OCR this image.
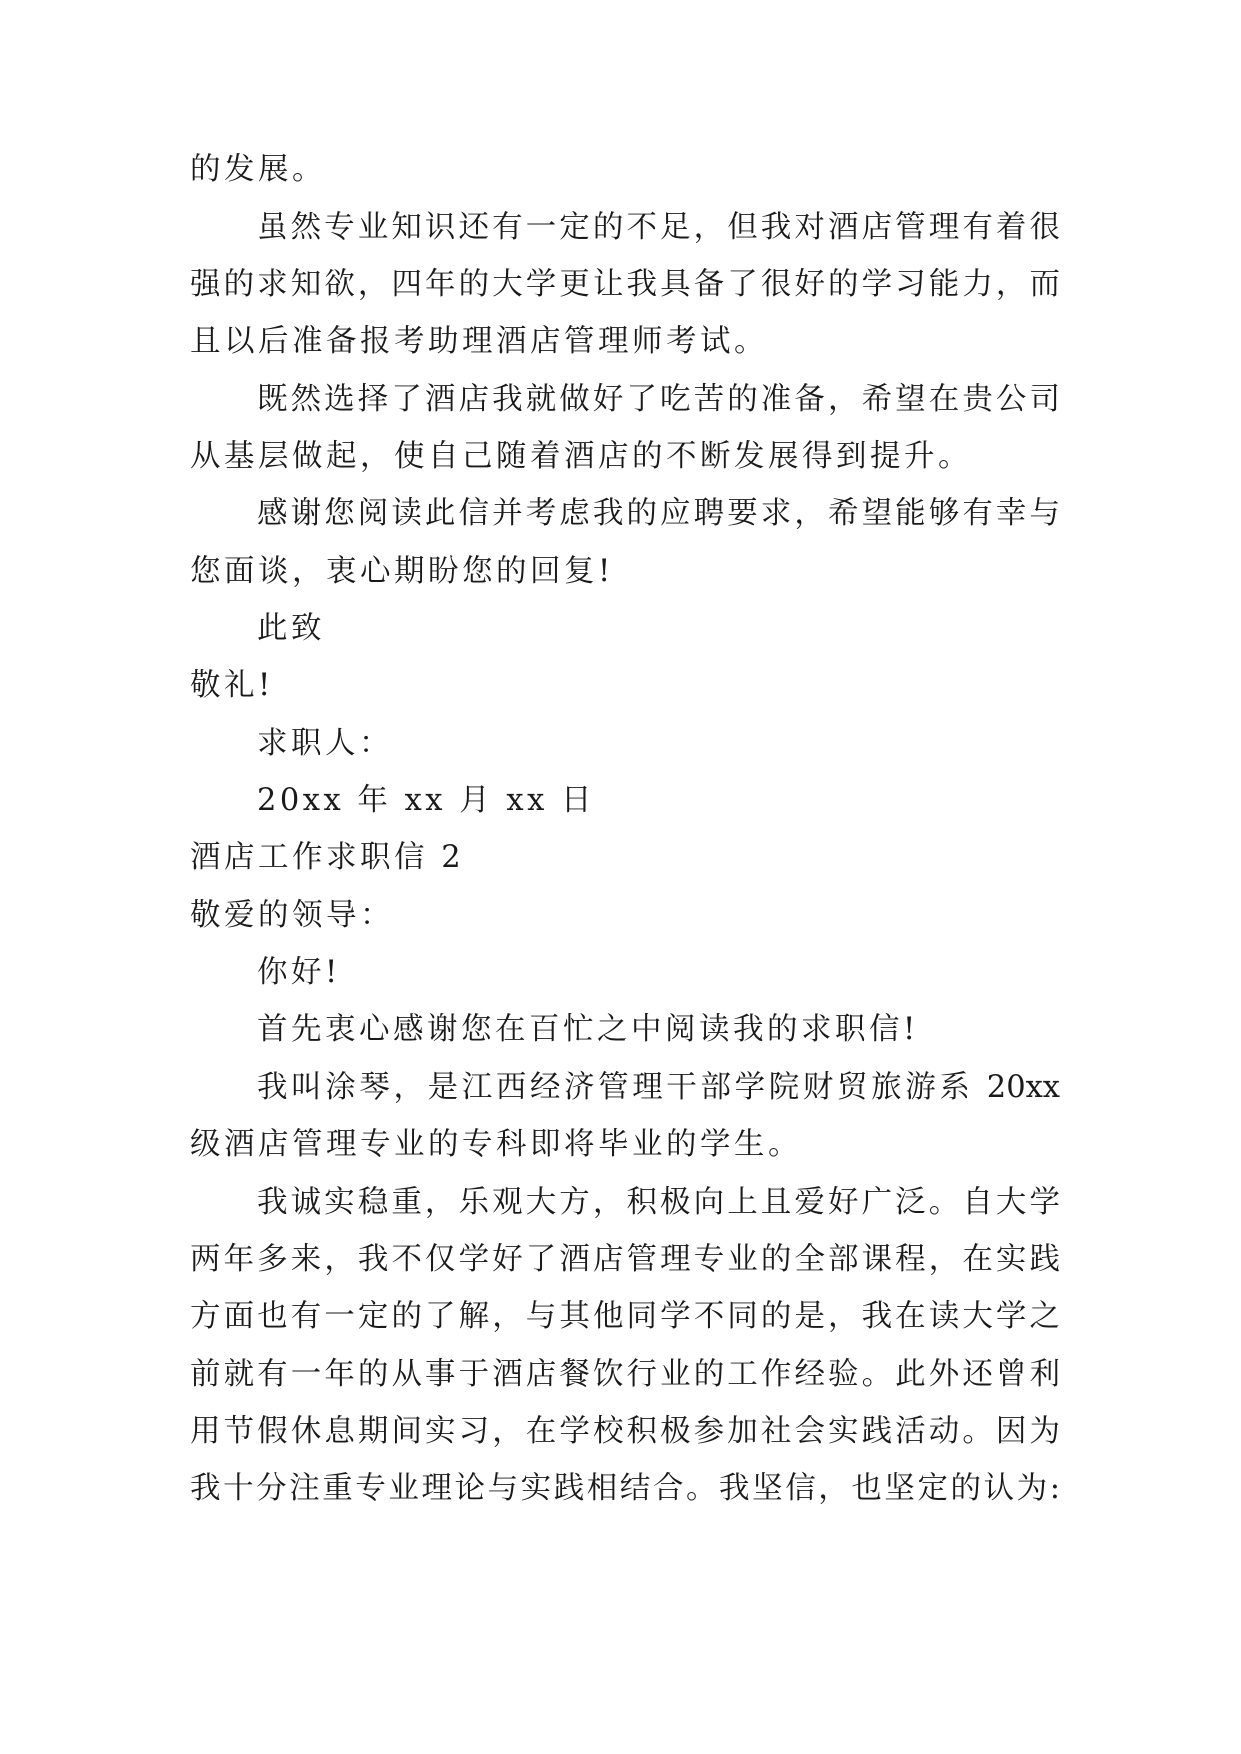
的发展。
虽然专业知识还有一定的不足，但我对酒店管理有着很
强的求知欲，四年的大学更让我具备了很好的学习能力，而
且以后准备报考助理酒店管理师考试。
既然选择了酒店我就做好了吃苦的准备，希望在贵公司
从基层做起，使自己随着酒店的不断发展得到提升。
感谢您阅读此信并考虑我的应聘要求，希望能够有幸与
您面谈，衷心期盼您的回复!
此致
敬礼!
求职人：
20xx 年 xx 月 xx 日
酒店工作求职信 2
敬爱的领导：
你好!
首先衷心感谢您在百忙之中阅读我的求职信!
我叫涂琴，是江西经济管理干部学院财贸旅游系 20xx
级酒店管理专业的专科即将毕业的学生。
我诚实稳重，乐观大方，积极向上且爱好广泛。自大学
两年多来，我不仅学好了酒店管理专业的全部课程，在实践
方面也有一定的了解，与其他同学不同的是，我在读大学之
前就有一年的从事于酒店餐饮行业的工作经验。此外还曾利
用节假休息期间实习，在学校积极参加社会实践活动。因为
我十分注重专业理论与实践相结合。我坚信，也坚定的认为:
